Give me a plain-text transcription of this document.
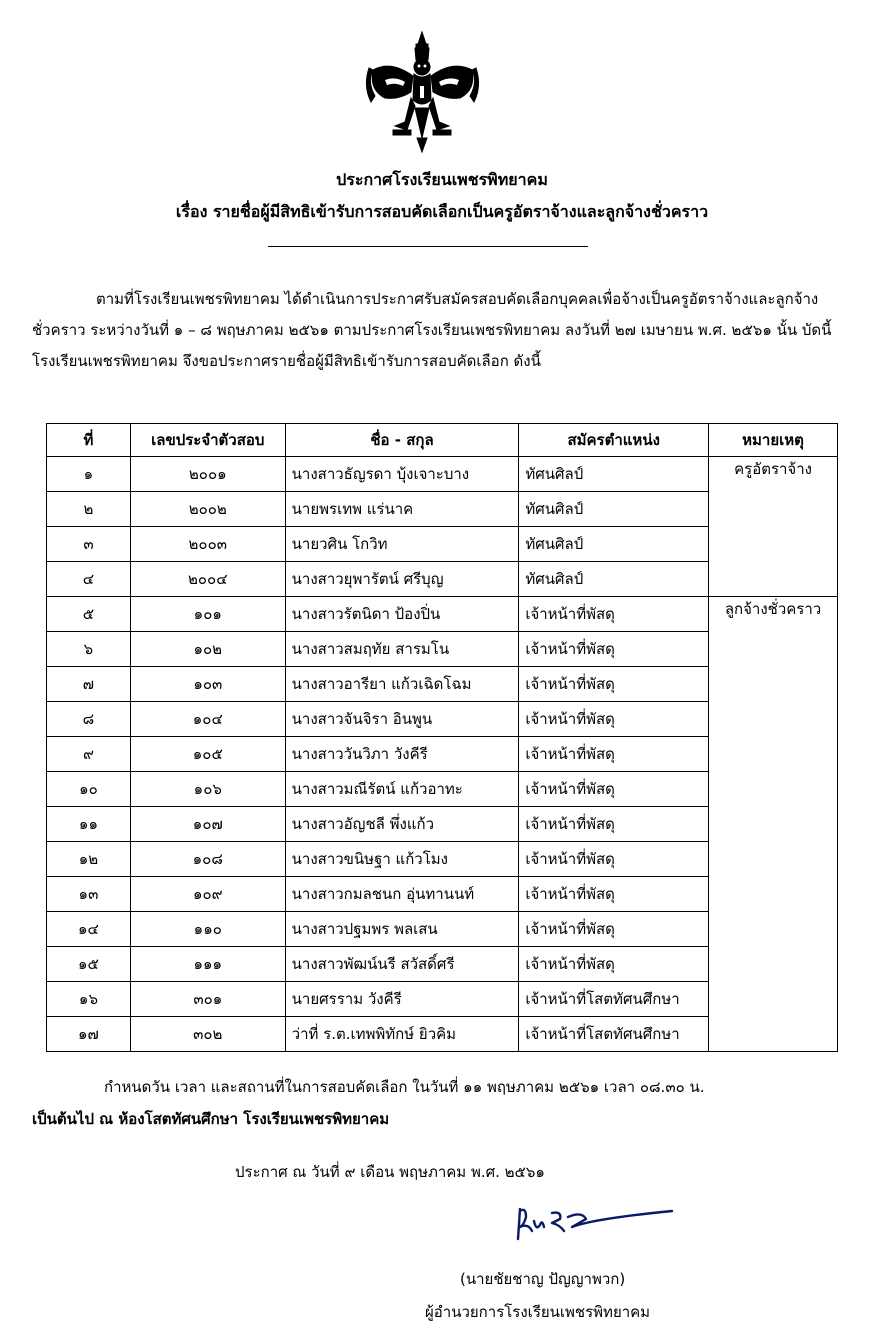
ประกาศโรงเรียนเพชรพิทยาคม
เรื่อง รายชื่อผู้มีสิทธิเข้ารับการสอบคัดเลือกเป็นครูอัตราจ้างและลูกจ้างชั่วคราว
ตามที่โรงเรียนเพชรพิทยาคม ได้ดำเนินการประกาศรับสมัครสอบคัดเลือกบุคคลเพื่อจ้างเป็นครูอัตราจ้างและลูกจ้างชั่วคราว ระหว่างวันที่ ๑ – ๘ พฤษภาคม ๒๕๖๑ ตามประกาศโรงเรียนเพชรพิทยาคม ลงวันที่ ๒๗ เมษายน พ.ศ. ๒๕๖๑ นั้น บัดนี้ โรงเรียนเพชรพิทยาคม จึงขอประกาศรายชื่อผู้มีสิทธิเข้ารับการสอบคัดเลือก ดังนี้
ที่	เลขประจำตัวสอบ	ชื่อ - สกุล	สมัครตำแหน่ง	หมายเหตุ
๑	๒๐๐๑	นางสาวธัญรดา บุ้งเจาะบาง	ทัศนศิลป์	ครูอัตราจ้าง
๒	๒๐๐๒	นายพรเทพ แร่นาค	ทัศนศิลป์	
๓	๒๐๐๓	นายวศิน โกวิท	ทัศนศิลป์	
๔	๒๐๐๔	นางสาวยุพารัตน์ ศรีบุญ	ทัศนศิลป์	
๕	๑๐๑	นางสาวรัตนิดา ป้องปิ่น	เจ้าหน้าที่พัสดุ	ลูกจ้างชั่วคราว
๖	๑๐๒	นางสาวสมฤทัย สารมโน	เจ้าหน้าที่พัสดุ	
๗	๑๐๓	นางสาวอารียา แก้วเฉิดโฉม	เจ้าหน้าที่พัสดุ	
๘	๑๐๔	นางสาวจันจิรา อินพูน	เจ้าหน้าที่พัสดุ	
๙	๑๐๕	นางสาววันวิภา วังคีรี	เจ้าหน้าที่พัสดุ	
๑๐	๑๐๖	นางสาวมณีรัตน์ แก้วอาทะ	เจ้าหน้าที่พัสดุ	
๑๑	๑๐๗	นางสาวอัญชลี พึ่งแก้ว	เจ้าหน้าที่พัสดุ	
๑๒	๑๐๘	นางสาวขนิษฐา แก้วโมง	เจ้าหน้าที่พัสดุ	
๑๓	๑๐๙	นางสาวกมลชนก อุ่นทานนท์	เจ้าหน้าที่พัสดุ	
๑๔	๑๑๐	นางสาวปฐมพร พลเสน	เจ้าหน้าที่พัสดุ	
๑๕	๑๑๑	นางสาวพัฒน์นรี สวัสดิ์ศรี	เจ้าหน้าที่พัสดุ	
๑๖	๓๐๑	นายศรราม วังคีรี	เจ้าหน้าที่โสตทัศนศึกษา	
๑๗	๓๐๒	ว่าที่ ร.ต.เทพพิทักษ์ ยิวคิม	เจ้าหน้าที่โสตทัศนศึกษา	
กำหนดวัน เวลา และสถานที่ในการสอบคัดเลือก ในวันที่ ๑๑ พฤษภาคม ๒๕๖๑ เวลา ๐๘.๓๐ น.
เป็นต้นไป ณ ห้องโสตทัศนศึกษา โรงเรียนเพชรพิทยาคม
ประกาศ ณ วันที่ ๙ เดือน พฤษภาคม พ.ศ. ๒๕๖๑
(นายชัยชาญ ปัญญาพวก)
ผู้อำนวยการโรงเรียนเพชรพิทยาคม
